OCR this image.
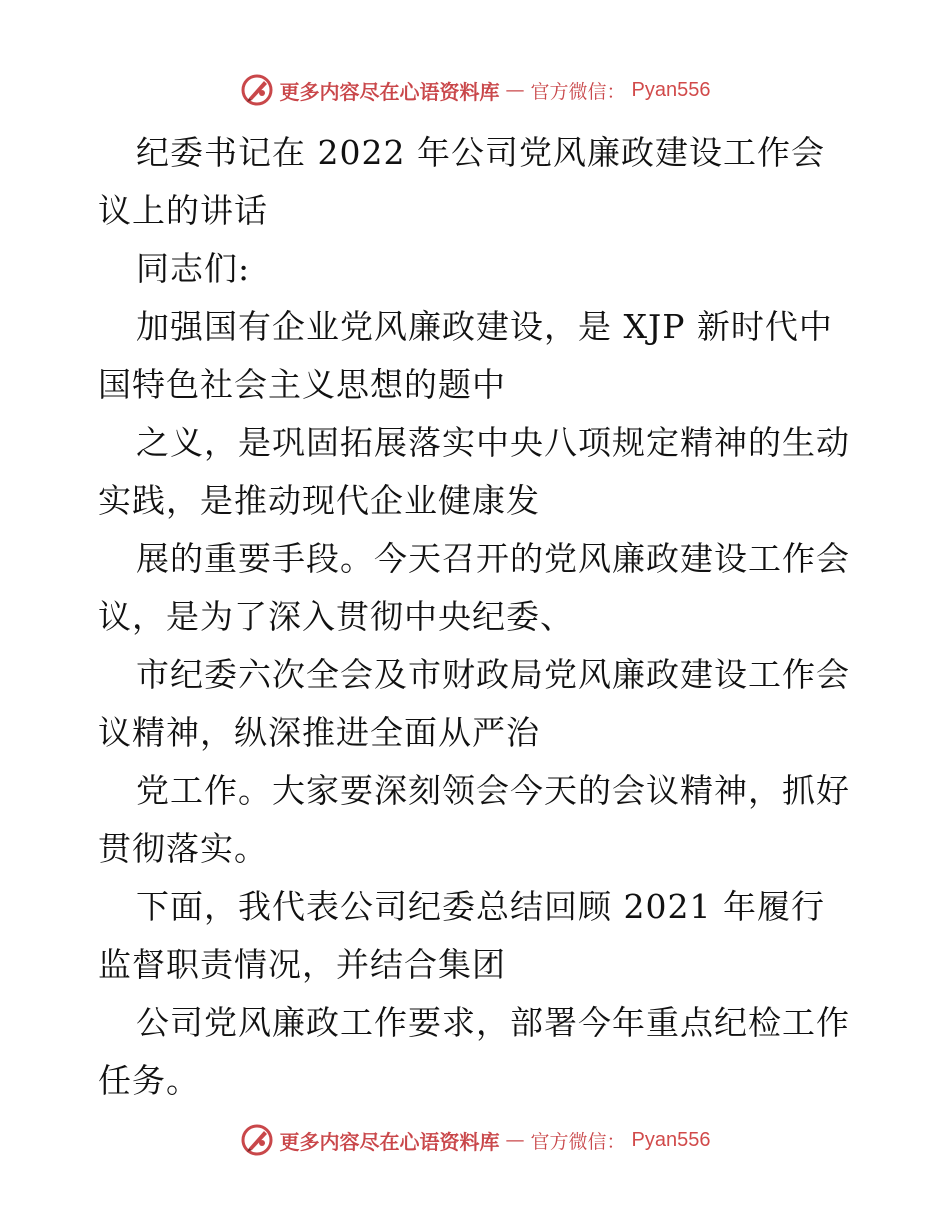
更多内容尽在心语资料库 — 官方微信： Pyan556

纪委书记在 2022 年公司党风廉政建设工作会议上的讲话

同志们:

加强国有企业党风廉政建设，是 XJP 新时代中国特色社会主义思想的题中

之义，是巩固拓展落实中央八项规定精神的生动实践，是推动现代企业健康发

展的重要手段。今天召开的党风廉政建设工作会议，是为了深入贯彻中央纪委、

市纪委六次全会及市财政局党风廉政建设工作会议精神，纵深推进全面从严治

党工作。大家要深刻领会今天的会议精神，抓好贯彻落实。

下面，我代表公司纪委总结回顾 2021 年履行监督职责情况，并结合集团

公司党风廉政工作要求，部署今年重点纪检工作任务。

更多内容尽在心语资料库 — 官方微信： Pyan556
